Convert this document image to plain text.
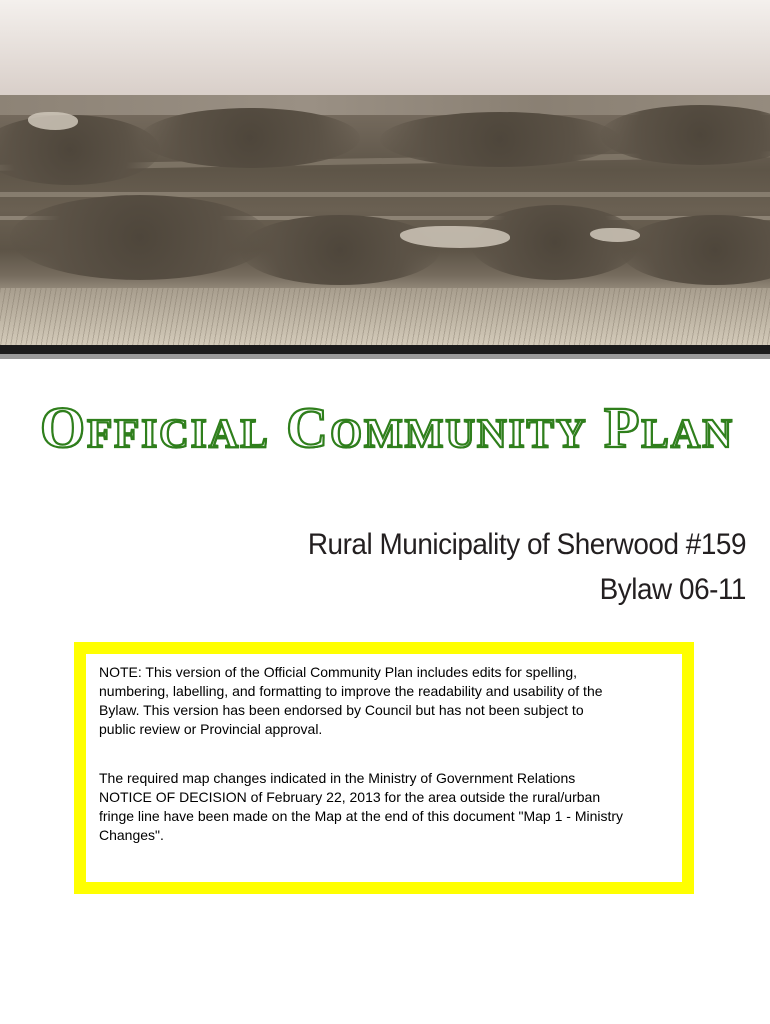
Official Community Plan
Rural Municipality of Sherwood #159
Bylaw 06-11

NOTE: This version of the Official Community Plan includes edits for spelling,
numbering, labelling, and formatting to improve the readability and usability of the
Bylaw. This version has been endorsed by Council but has not been subject to
public review or Provincial approval.

The required map changes indicated in the Ministry of Government Relations
NOTICE OF DECISION of February 22, 2013 for the area outside the rural/urban
fringe line have been made on the Map at the end of this document "Map 1 - Ministry
Changes".
